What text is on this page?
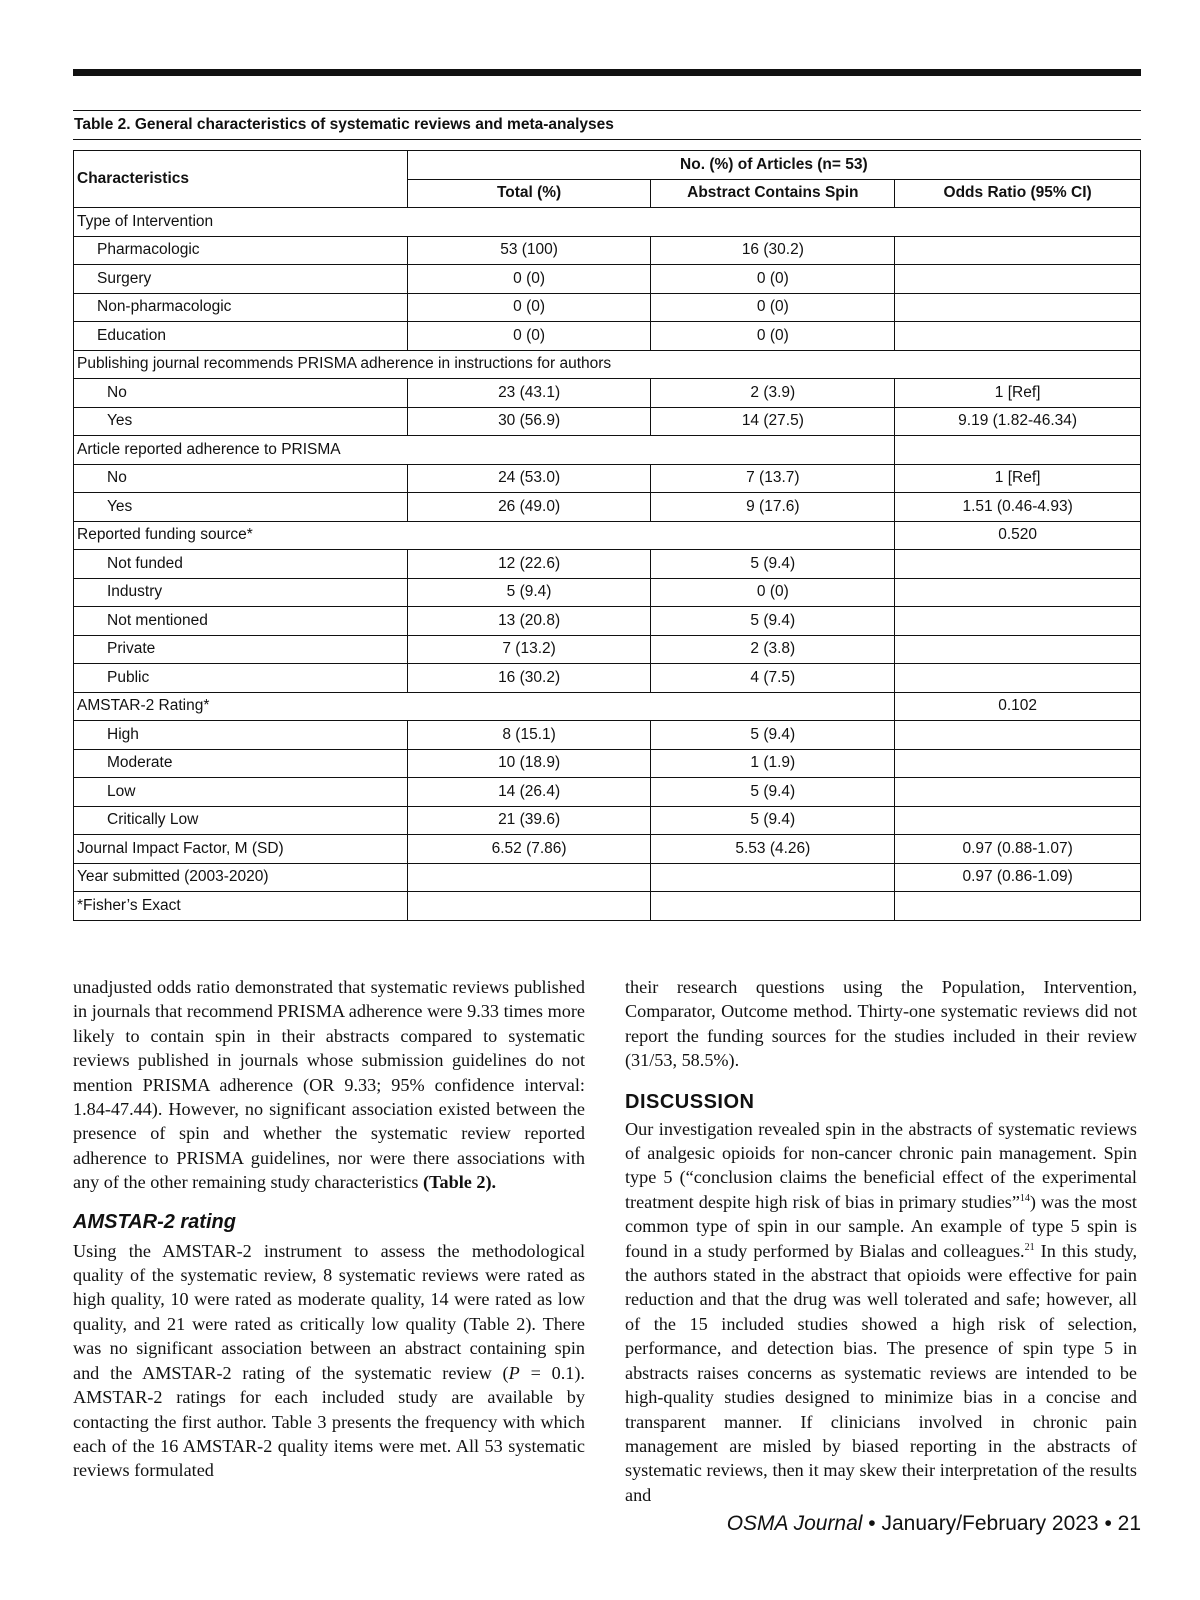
Table 2. General characteristics of systematic reviews and meta-analyses
Characteristics	No. (%) of Articles (n= 53)		
	Total (%)	Abstract Contains Spin	Odds Ratio (95% CI)
Type of Intervention			
Pharmacologic	53 (100)	16 (30.2)	
Surgery	0 (0)	0 (0)	
Non-pharmacologic	0 (0)	0 (0)	
Education	0 (0)	0 (0)	
Publishing journal recommends PRISMA adherence in instructions for authors			
No	23 (43.1)	2 (3.9)	1 [Ref]
Yes	30 (56.9)	14 (27.5)	9.19 (1.82-46.34)
Article reported adherence to PRISMA			
No	24 (53.0)	7 (13.7)	1 [Ref]
Yes	26 (49.0)	9 (17.6)	1.51 (0.46-4.93)
Reported funding source*			0.520
Not funded	12 (22.6)	5 (9.4)	
Industry	5 (9.4)	0 (0)	
Not mentioned	13 (20.8)	5 (9.4)	
Private	7 (13.2)	2 (3.8)	
Public	16 (30.2)	4 (7.5)	
AMSTAR-2 Rating*			0.102
High	8 (15.1)	5 (9.4)	
Moderate	10 (18.9)	1 (1.9)	
Low	14 (26.4)	5 (9.4)	
Critically Low	21 (39.6)	5 (9.4)	
Journal Impact Factor, M (SD)	6.52 (7.86)	5.53 (4.26)	0.97 (0.88-1.07)
Year submitted (2003-2020)			0.97 (0.86-1.09)
*Fisher’s Exact			

unadjusted odds ratio demonstrated that systematic reviews published in journals that recommend PRISMA adherence were 9.33 times more likely to contain spin in their abstracts compared to systematic reviews published in journals whose submission guidelines do not mention PRISMA adherence (OR 9.33; 95% confidence interval: 1.84-47.44). However, no significant association existed between the presence of spin and whether the systematic review reported adherence to PRISMA guidelines, nor were there associations with any of the other remaining study characteristics (Table 2).

AMSTAR-2 rating

Using the AMSTAR-2 instrument to assess the methodological quality of the systematic review, 8 systematic reviews were rated as high quality, 10 were rated as moderate quality, 14 were rated as low quality, and 21 were rated as critically low quality (Table 2). There was no significant association between an abstract containing spin and the AMSTAR-2 rating of the systematic review (P = 0.1). AMSTAR-2 ratings for each included study are available by contacting the first author. Table 3 presents the frequency with which each of the 16 AMSTAR-2 quality items were met. All 53 systematic reviews formulated

their research questions using the Population, Intervention, Comparator, Outcome method. Thirty-one systematic reviews did not report the funding sources for the studies included in their review (31/53, 58.5%).

DISCUSSION

Our investigation revealed spin in the abstracts of systematic reviews of analgesic opioids for non-cancer chronic pain management. Spin type 5 (“conclusion claims the beneficial effect of the experimental treatment despite high risk of bias in primary studies”$^{14}$) was the most common type of spin in our sample. An example of type 5 spin is found in a study performed by Bialas and colleagues.$^{21}$ In this study, the authors stated in the abstract that opioids were effective for pain reduction and that the drug was well tolerated and safe; however, all of the 15 included studies showed a high risk of selection, performance, and detection bias. The presence of spin type 5 in abstracts raises concerns as systematic reviews are intended to be high-quality studies designed to minimize bias in a concise and transparent manner. If clinicians involved in chronic pain management are misled by biased reporting in the abstracts of systematic reviews, then it may skew their interpretation of the results and

OSMA Journal • January/February 2023 • 21
